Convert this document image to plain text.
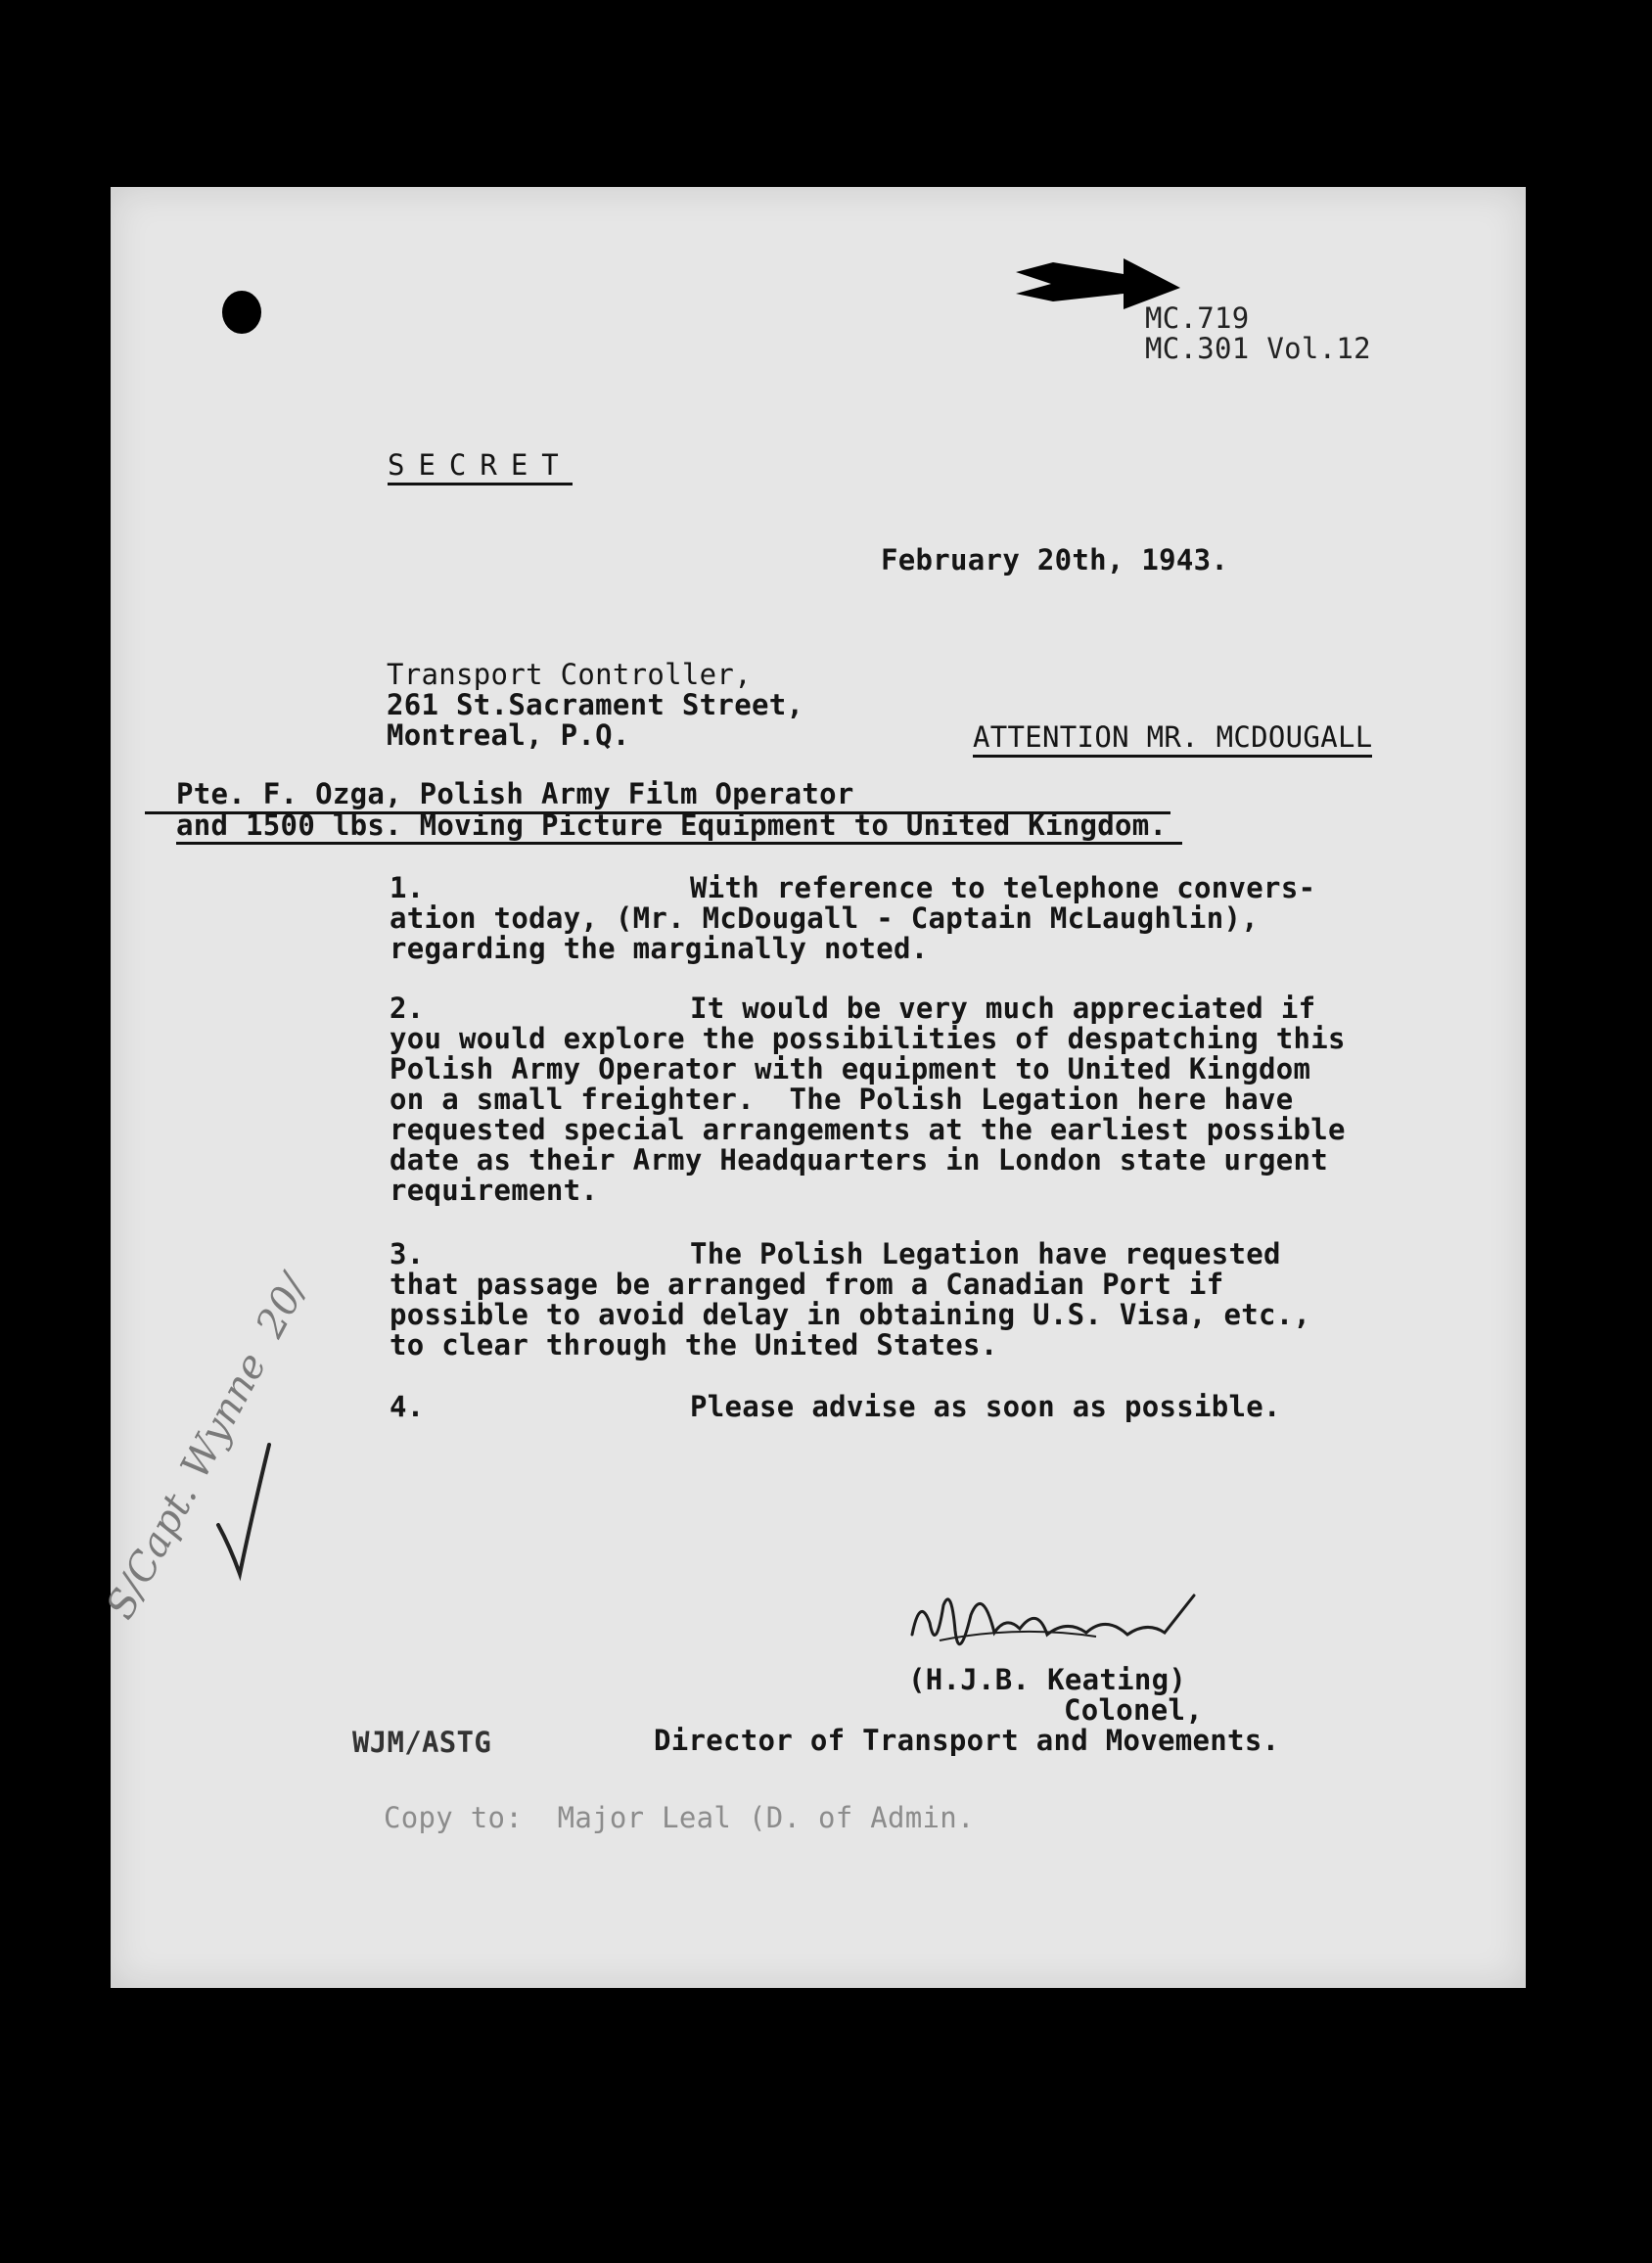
MC.719
MC.301 Vol.12
SECRET
February 20th, 1943.
Transport Controller,
261 St.Sacrament Street,
Montreal, P.Q.	ATTENTION MR. MCDOUGALL
Pte. F. Ozga, Polish Army Film Operator
and 1500 lbs. Moving Picture Equipment to United Kingdom.
1.	With reference to telephone convers-
ation today, (Mr. McDougall - Captain McLaughlin),
regarding the marginally noted.
2.	It would be very much appreciated if
you would explore the possibilities of despatching this
Polish Army Operator with equipment to United Kingdom
on a small freighter.  The Polish Legation here have
requested special arrangements at the earliest possible
date as their Army Headquarters in London state urgent
requirement.
3.	The Polish Legation have requested
that passage be arranged from a Canadian Port if
possible to avoid delay in obtaining U.S. Visa, etc.,
to clear through the United States.
4.	Please advise as soon as possible.
S/Capt. Wynne  20/
(H.J.B. Keating)
Colonel,
Director of Transport and Movements.
WJM/ASTG
Copy to:  Major Leal (D. of Admin.
